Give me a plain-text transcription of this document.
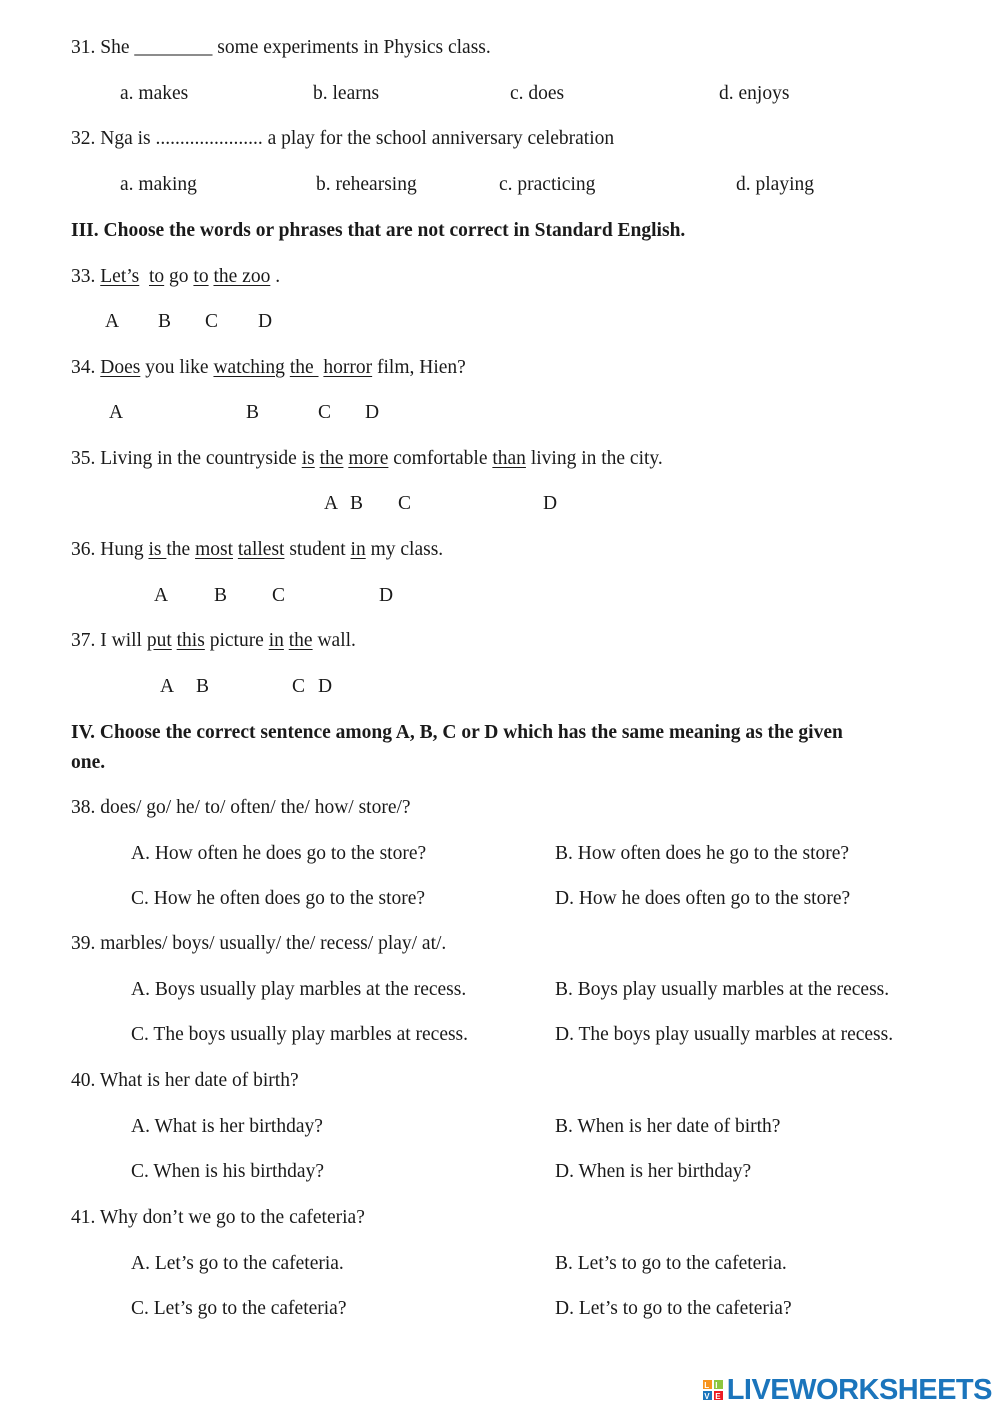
31. She ________ some experiments in Physics class.
a. makes	b. learns	c. does	d. enjoys
32. Nga is ...................... a play for the school anniversary celebration
a. making	b. rehearsing	c. practicing	d. playing
III. Choose the words or phrases that are not correct in Standard English.
33. Let’s to go to the zoo .
A B C D
34. Does you like watching the  horror film, Hien?
A	B	C D
35. Living in the countryside is the more comfortable than living in the city.
A B C	D
36. Hung is the most tallest student in my class.
A B C	D
37. I will put this picture in the wall.
A B	C D
IV. Choose the correct sentence among A, B, C or D which has the same meaning as the given
one.
38. does/ go/ he/ to/ often/ the/ how/ store/?
A. How often he does go to the store?	B. How often does he go to the store?
C. How he often does go to the store?	D. How he does often go to the store?
39. marbles/ boys/ usually/ the/ recess/ play/ at/.
A. Boys usually play marbles at the recess.	B. Boys play usually marbles at the recess.
C. The boys usually play marbles at recess.	D. The boys play usually marbles at recess.
40. What is her date of birth?
A. What is her birthday?	B. When is her date of birth?
C. When is his birthday?	D. When is her birthday?
41. Why don’t we go to the cafeteria?
A. Let’s go to the cafeteria.	B. Let’s to go to the cafeteria.
C. Let’s go to the cafeteria?	D. Let’s to go to the cafeteria?
L I
V E LIVEWORKSHEETS
